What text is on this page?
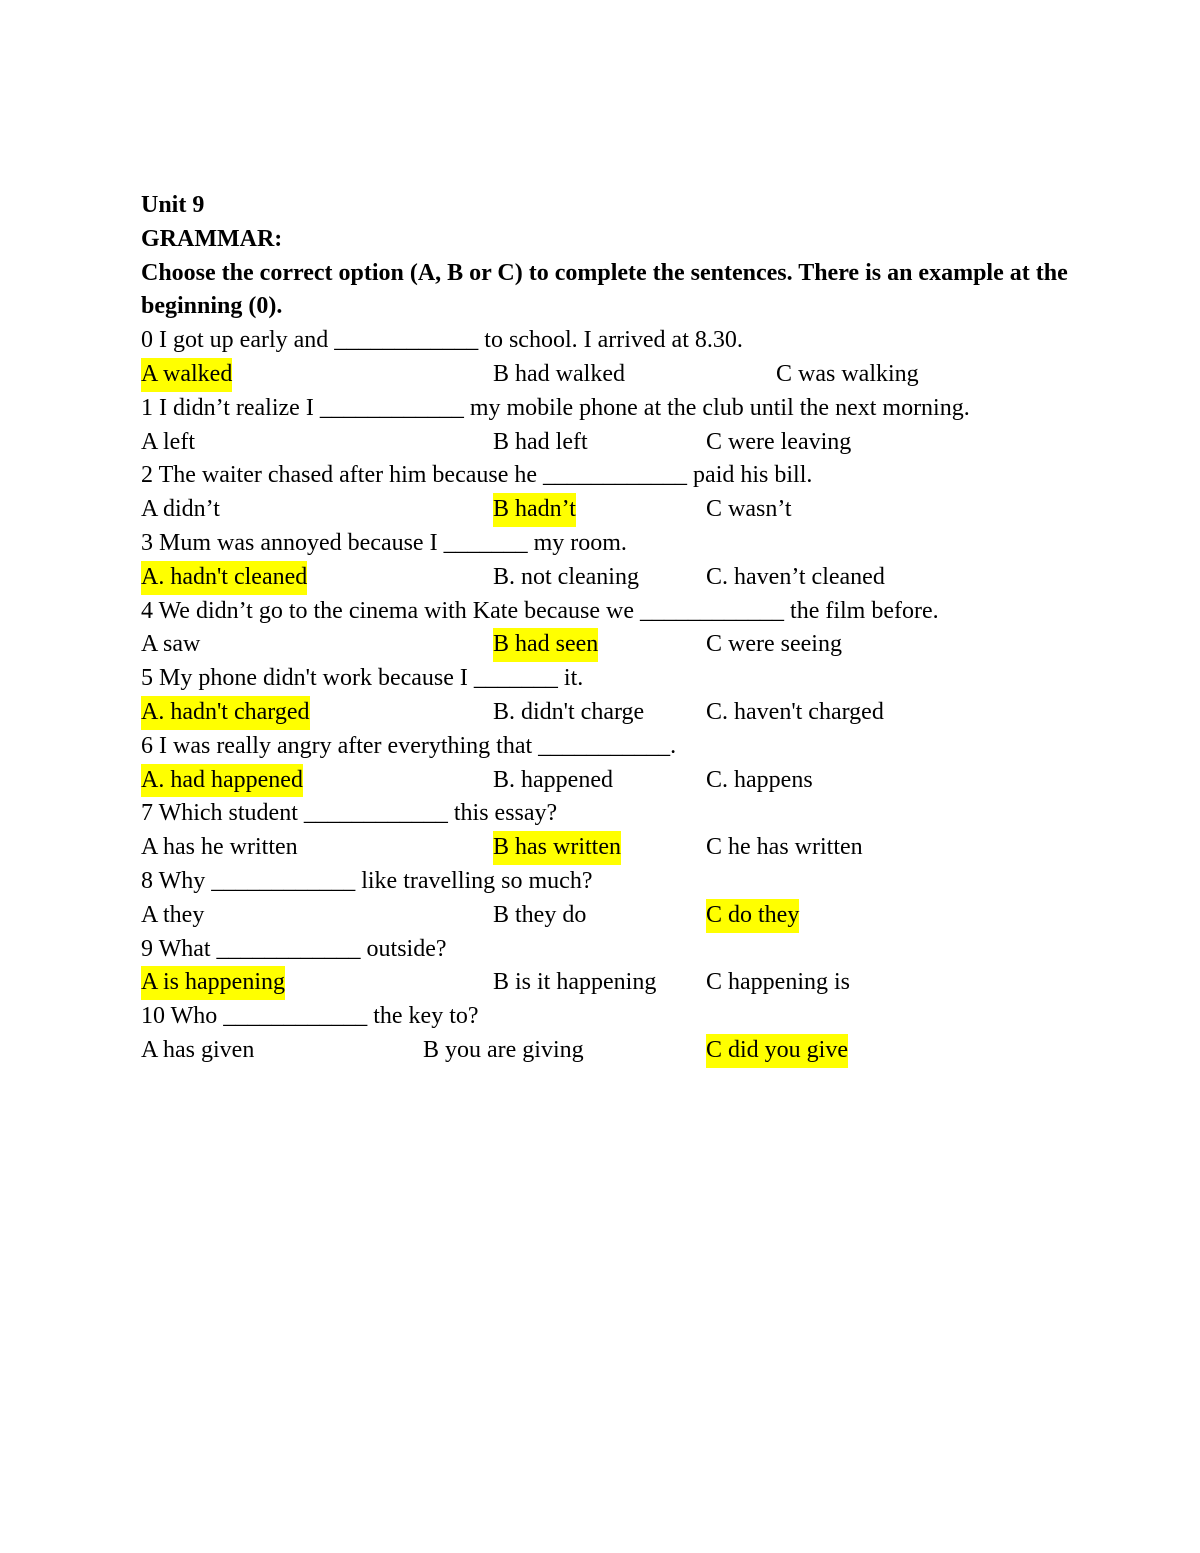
Unit 9
GRAMMAR:
Choose the correct option (A, B or C) to complete the sentences. There is an example at the beginning (0).
0 I got up early and ____________ to school. I arrived at 8.30.
A walked	B had walked	C was walking
1 I didn’t realize I ____________ my mobile phone at the club until the next morning.
A left	B had left	C were leaving
2 The waiter chased after him because he ____________ paid his bill.
A didn’t	B hadn’t	C wasn’t
3 Mum was annoyed because I _______ my room.
A. hadn't cleaned	B. not cleaning	C. haven’t cleaned
4 We didn’t go to the cinema with Kate because we ____________ the film before.
A saw	B had seen	C were seeing
5 My phone didn't work because I _______ it.
A. hadn't charged	B. didn't charge	C. haven't charged
6 I was really angry after everything that ___________.
A. had happened	B. happened	C. happens
7 Which student ____________ this essay?
A has he written	B has written	C he has written
8 Why ____________ like travelling so much?
A they	B they do	C do they
9 What ____________ outside?
A is happening	B is it happening C happening is
10 Who ____________ the key to?
A has given	B you are giving	C did you give
